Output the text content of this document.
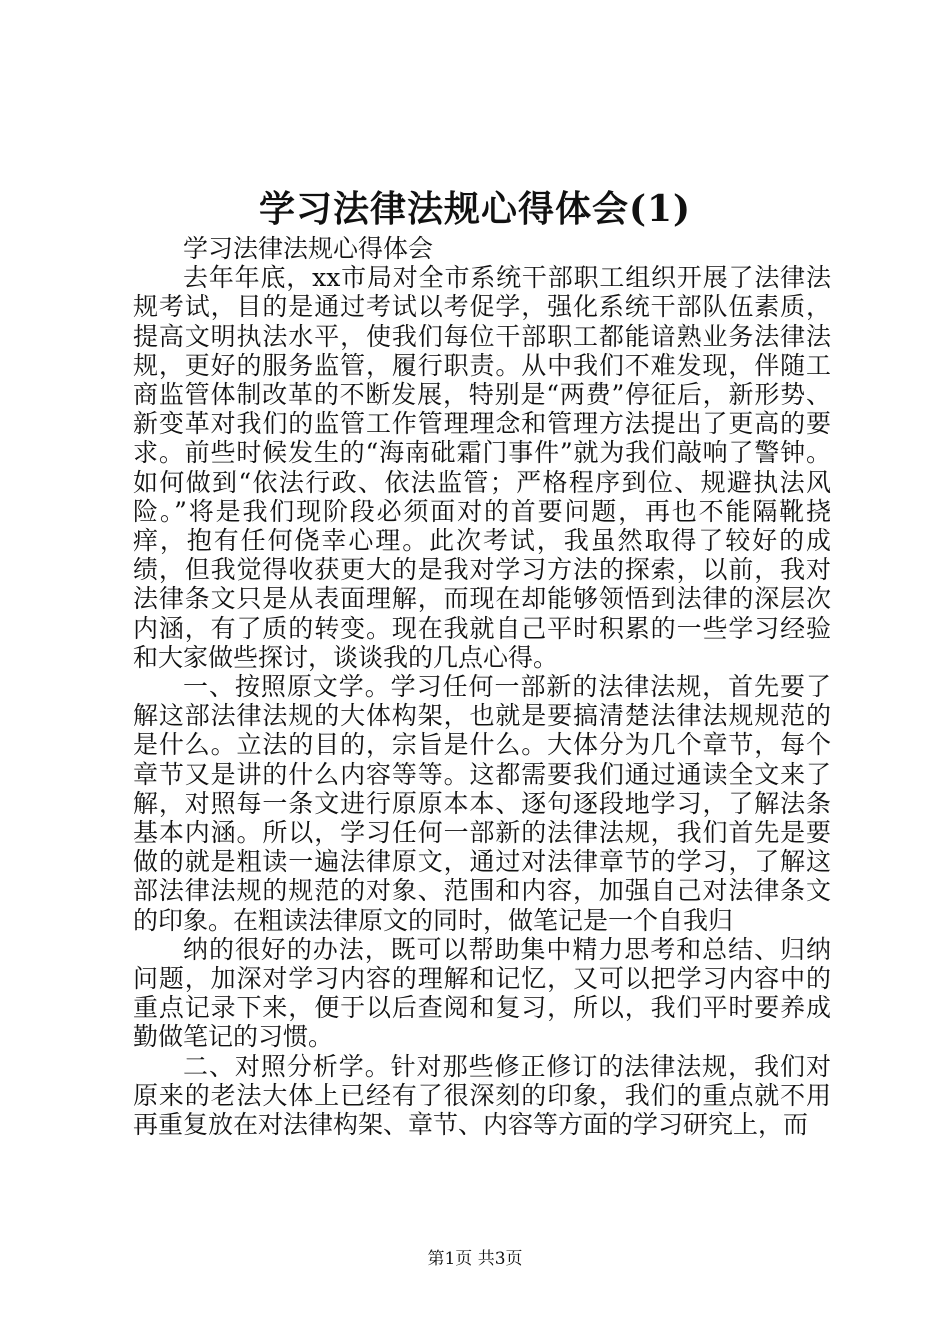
学习法律法规心得体会(1)

学习法律法规心得体会

去年年底，xx市局对全市系统干部职工组织开展了法律法规考试，目的是通过考试以考促学，强化系统干部队伍素质，提高文明执法水平，使我们每位干部职工都能谙熟业务法律法规，更好的服务监管，履行职责。从中我们不难发现，伴随工商监管体制改革的不断发展，特别是“两费”停征后，新形势、新变革对我们的监管工作管理理念和管理方法提出了更高的要求。前些时候发生的“海南砒霜门事件”就为我们敲响了警钟。如何做到“依法行政、依法监管；严格程序到位、规避执法风险。”将是我们现阶段必须面对的首要问题，再也不能隔靴挠痒，抱有任何侥幸心理。此次考试，我虽然取得了较好的成绩，但我觉得收获更大的是我对学习方法的探索，以前，我对法律条文只是从表面理解，而现在却能够领悟到法律的深层次内涵，有了质的转变。现在我就自己平时积累的一些学习经验和大家做些探讨，谈谈我的几点心得。

一、按照原文学。学习任何一部新的法律法规，首先要了解这部法律法规的大体构架，也就是要搞清楚法律法规规范的是什么。立法的目的，宗旨是什么。大体分为几个章节，每个章节又是讲的什么内容等等。这都需要我们通过通读全文来了解，对照每一条文进行原原本本、逐句逐段地学习，了解法条基本内涵。所以，学习任何一部新的法律法规，我们首先是要做的就是粗读一遍法律原文，通过对法律章节的学习，了解这部法律法规的规范的对象、范围和内容，加强自己对法律条文的印象。在粗读法律原文的同时，做笔记是一个自我归

纳的很好的办法，既可以帮助集中精力思考和总结、归纳问题，加深对学习内容的理解和记忆，又可以把学习内容中的重点记录下来，便于以后查阅和复习，所以，我们平时要养成勤做笔记的习惯。

二、对照分析学。针对那些修正修订的法律法规，我们对原来的老法大体上已经有了很深刻的印象，我们的重点就不用再重复放在对法律构架、章节、内容等方面的学习研究上，而

第1页 共3页
